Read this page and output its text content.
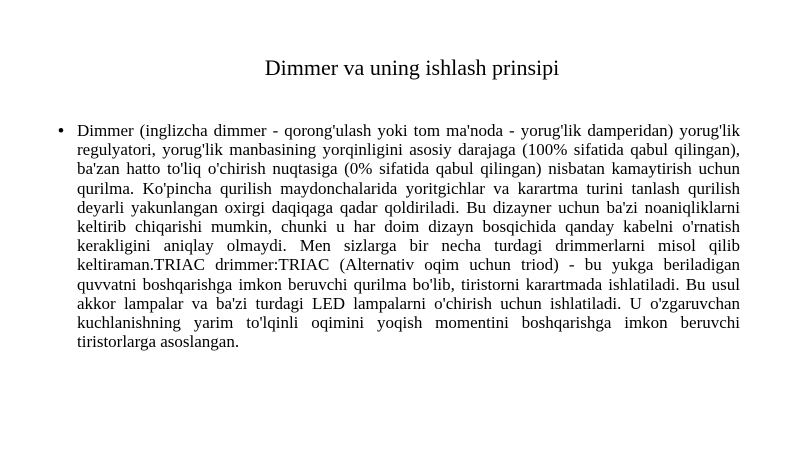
Dimmer va uning ishlash prinsipi
• Dimmer (inglizcha dimmer - qorong'ulash yoki tom ma'noda - yorug'lik damperidan) yorug'lik regulyatori, yorug'lik manbasining yorqinligini asosiy darajaga (100% sifatida qabul qilingan), ba'zan hatto to'liq o'chirish nuqtasiga (0% sifatida qabul qilingan) nisbatan kamaytirish uchun qurilma. Ko'pincha qurilish maydonchalarida yoritgichlar va karartma turini tanlash qurilish deyarli yakunlangan oxirgi daqiqaga qadar qoldiriladi. Bu dizayner uchun ba'zi noaniqliklarni keltirib chiqarishi mumkin, chunki u har doim dizayn bosqichida qanday kabelni o'rnatish kerakligini aniqlay olmaydi. Men sizlarga bir necha turdagi drimmerlarni misol qilib keltiraman.TRIAC drimmer:TRIAC (Alternativ oqim uchun triod) - bu yukga beriladigan quvvatni boshqarishga imkon beruvchi qurilma bo'lib, tiristorni karartmada ishlatiladi. Bu usul akkor lampalar va ba'zi turdagi LED lampalarni o'chirish uchun ishlatiladi. U o'zgaruvchan kuchlanishning yarim to'lqinli oqimini yoqish momentini boshqarishga imkon beruvchi tiristorlarga asoslangan.
